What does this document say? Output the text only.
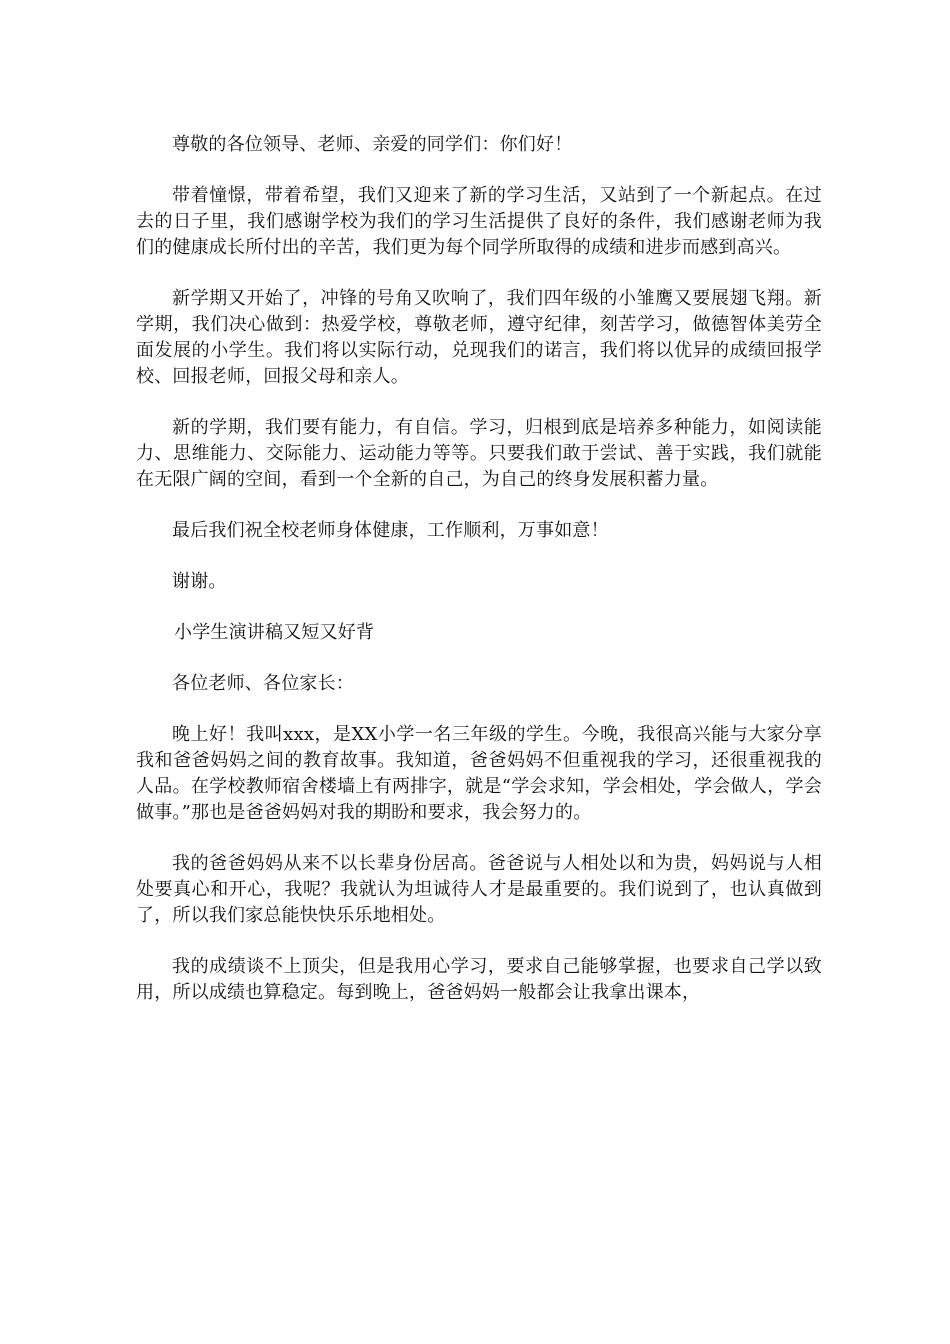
尊敬的各位领导、老师、亲爱的同学们：你们好！

带着憧憬，带着希望，我们又迎来了新的学习生活，又站到了一个新起点。在过去的日子里，我们感谢学校为我们的学习生活提供了良好的条件，我们感谢老师为我们的健康成长所付出的辛苦，我们更为每个同学所取得的成绩和进步而感到高兴。

新学期又开始了，冲锋的号角又吹响了，我们四年级的小雏鹰又要展翅飞翔。新学期，我们决心做到：热爱学校，尊敬老师，遵守纪律，刻苦学习，做德智体美劳全面发展的小学生。我们将以实际行动，兑现我们的诺言，我们将以优异的成绩回报学校、回报老师，回报父母和亲人。

新的学期，我们要有能力，有自信。学习，归根到底是培养多种能力，如阅读能力、思维能力、交际能力、运动能力等等。只要我们敢于尝试、善于实践，我们就能在无限广阔的空间，看到一个全新的自己，为自己的终身发展积蓄力量。

最后我们祝全校老师身体健康，工作顺利，万事如意！

谢谢。

小学生演讲稿又短又好背

各位老师、各位家长：

晚上好！我叫xxx，是XX小学一名三年级的学生。今晚，我很高兴能与大家分享我和爸爸妈妈之间的教育故事。我知道，爸爸妈妈不但重视我的学习，还很重视我的人品。在学校教师宿舍楼墙上有两排字，就是“学会求知，学会相处，学会做人，学会做事。”那也是爸爸妈妈对我的期盼和要求，我会努力的。

我的爸爸妈妈从来不以长辈身份居高。爸爸说与人相处以和为贵，妈妈说与人相处要真心和开心，我呢？我就认为坦诚待人才是最重要的。我们说到了，也认真做到了，所以我们家总能快快乐乐地相处。

我的成绩谈不上顶尖，但是我用心学习，要求自己能够掌握，也要求自己学以致用，所以成绩也算稳定。每到晚上，爸爸妈妈一般都会让我拿出课本，
